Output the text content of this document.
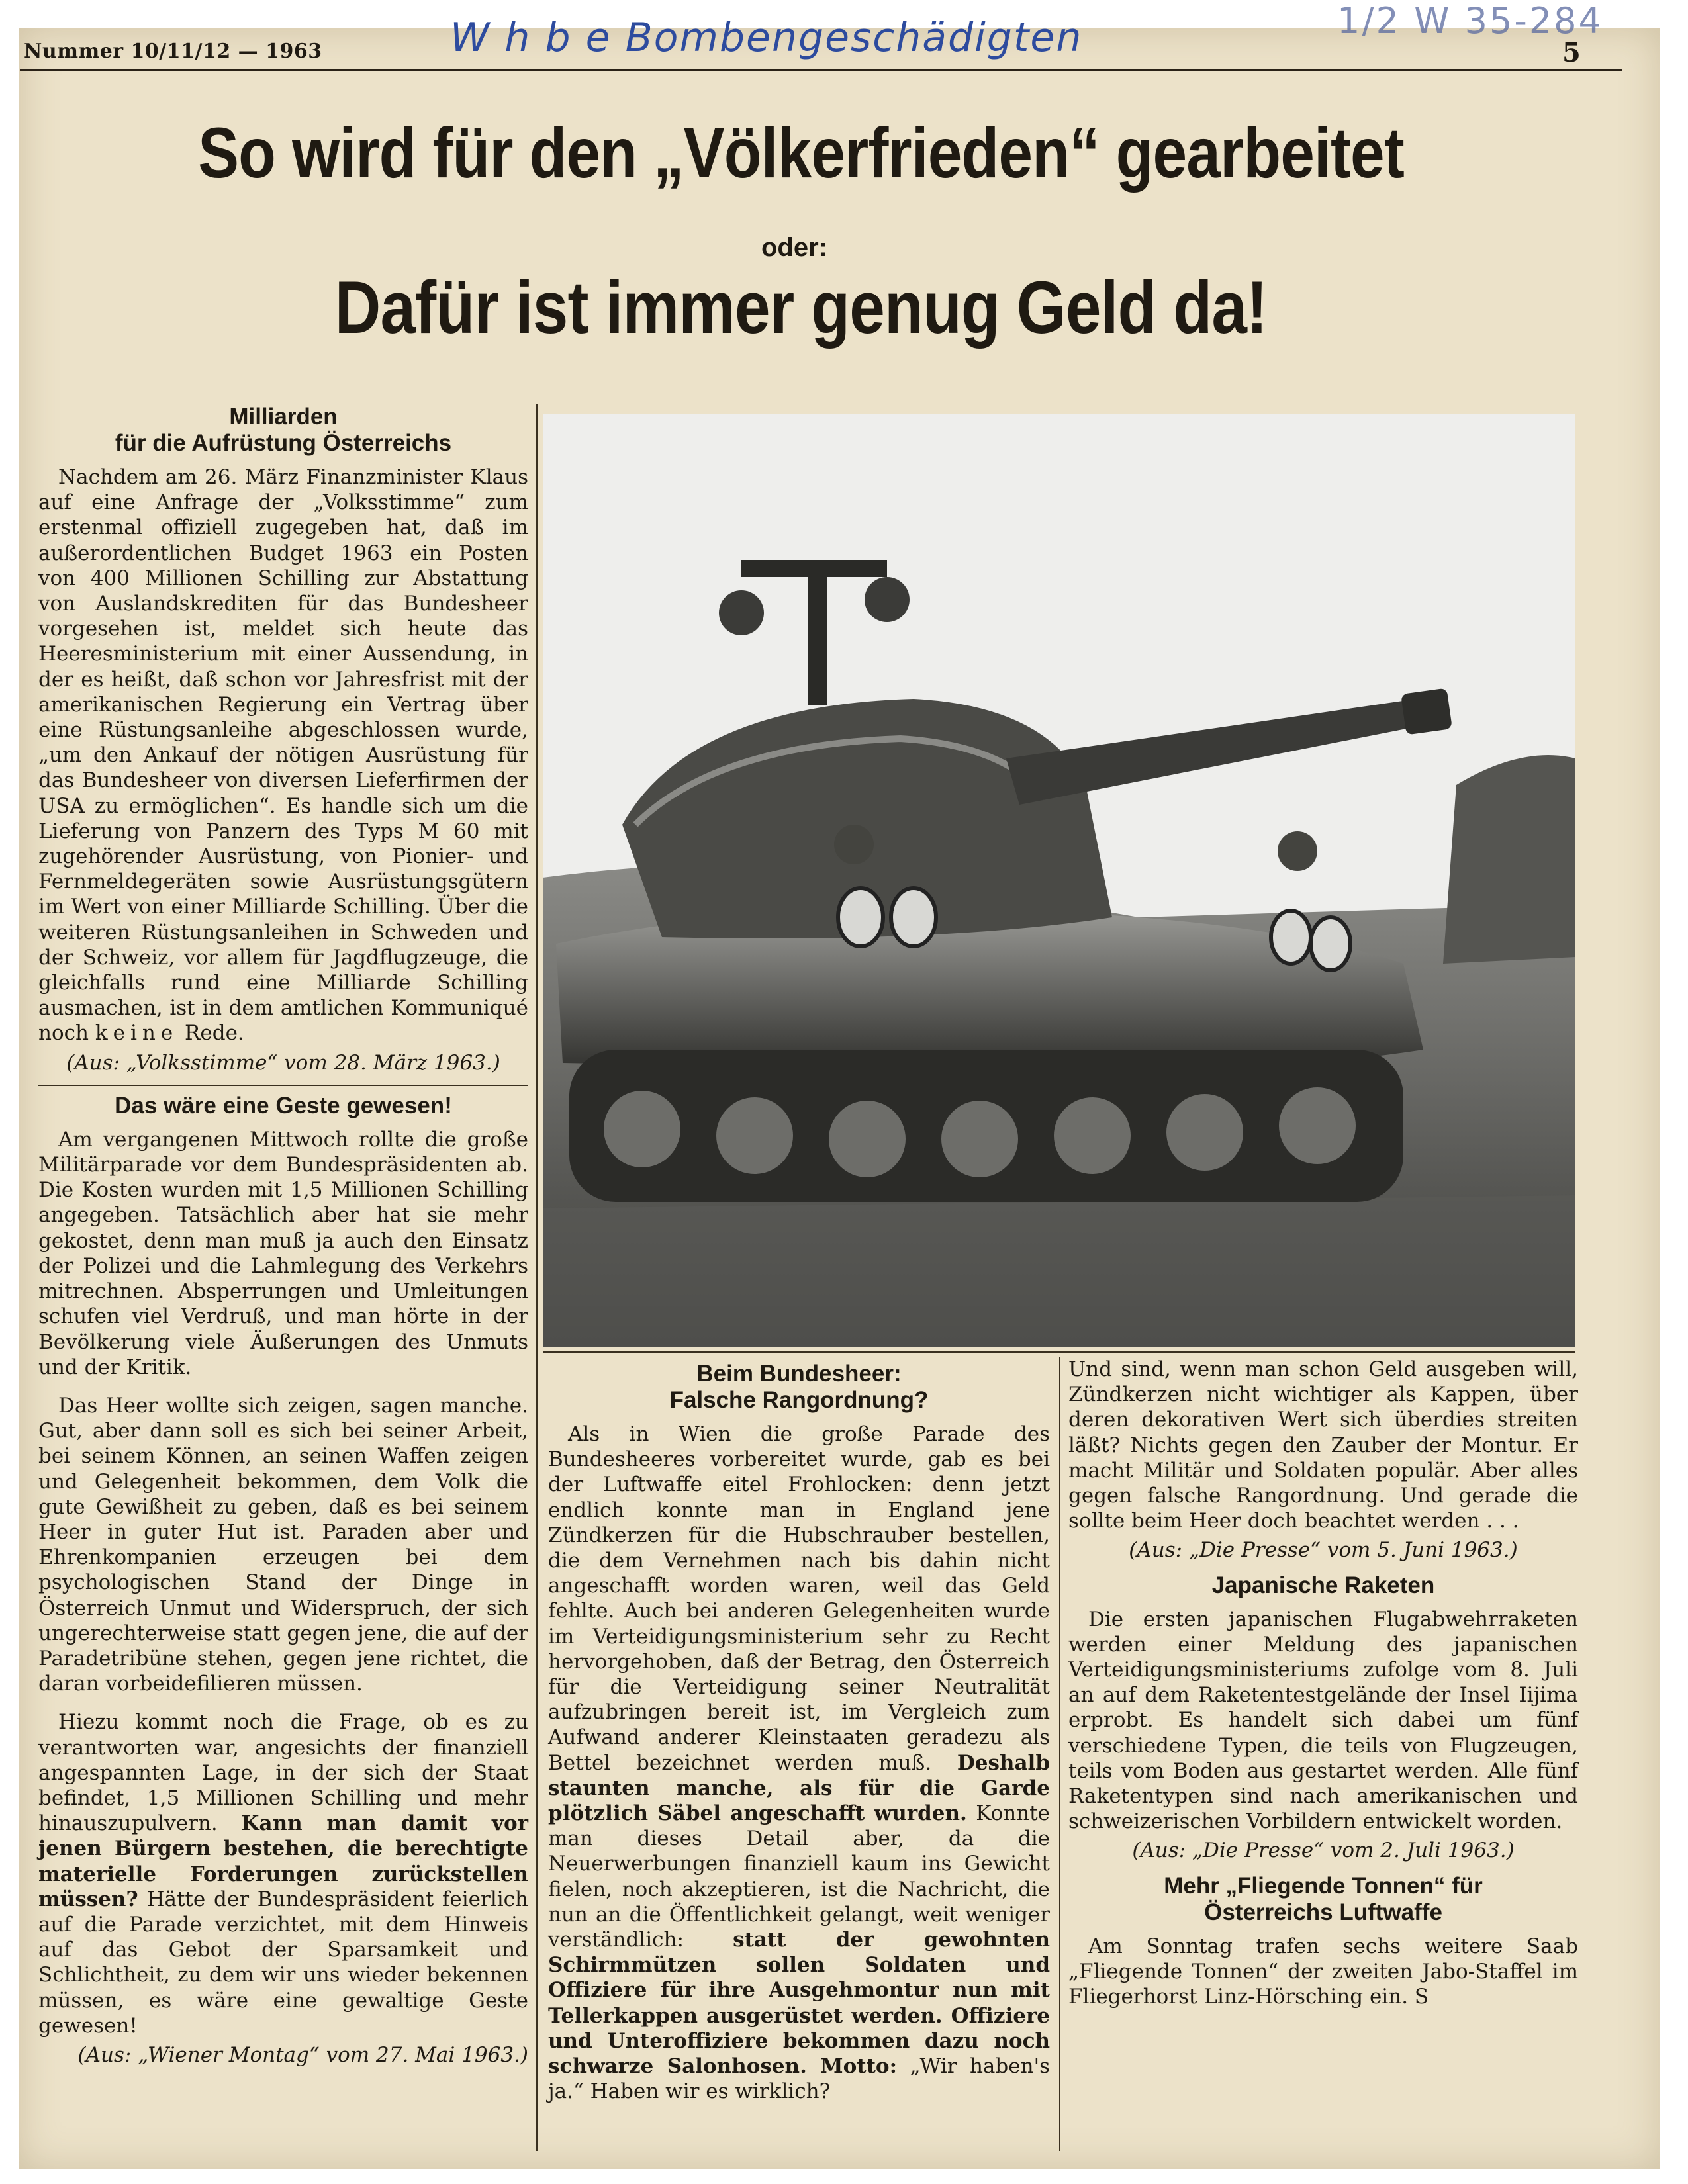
Nummer 10/11/12 — 1963	W h b e Bombengeschädigten	1/2 W 35-284
5
So wird für den „Völkerfrieden“ gearbeitet
oder:
Dafür ist immer genug Geld da!
Milliarden
für die Aufrüstung Österreichs

Nachdem am 26. März Finanzminister Klaus auf eine Anfrage der „Volksstimme“ zum erstenmal offiziell zugegeben hat, daß im außerordentlichen Budget 1963 ein Posten von 400 Millionen Schilling zur Abstattung von Auslandskrediten für das Bundesheer vorgesehen ist, meldet sich heute das Heeresministerium mit einer Aussendung, in der es heißt, daß schon vor Jahresfrist mit der amerikanischen Regierung ein Vertrag über eine Rüstungsanleihe abgeschlossen wurde, „um den Ankauf der nötigen Ausrüstung für das Bundesheer von diversen Lieferfirmen der USA zu ermöglichen“. Es handle sich um die Lieferung von Panzern des Typs M 60 mit zugehörender Ausrüstung, von Pionier- und Fernmeldegeräten sowie Ausrüstungsgütern im Wert von einer Milliarde Schilling. Über die weiteren Rüstungsanleihen in Schweden und der Schweiz, vor allem für Jagdflugzeuge, die gleichfalls rund eine Milliarde Schilling ausmachen, ist in dem amtlichen Kommuniqué noch keine Rede.

(Aus: „Volksstimme“ vom 28. März 1963.)

Das wäre eine Geste gewesen!

Am vergangenen Mittwoch rollte die große Militärparade vor dem Bundespräsidenten ab. Die Kosten wurden mit 1,5 Millionen Schilling angegeben. Tatsächlich aber hat sie mehr gekostet, denn man muß ja auch den Einsatz der Polizei und die Lahmlegung des Verkehrs mitrechnen. Absperrungen und Umleitungen schufen viel Verdruß, und man hörte in der Bevölkerung viele Äußerungen des Unmuts und der Kritik.

Das Heer wollte sich zeigen, sagen manche. Gut, aber dann soll es sich bei seiner Arbeit, bei seinem Können, an seinen Waffen zeigen und Gelegenheit bekommen, dem Volk die gute Gewißheit zu geben, daß es bei seinem Heer in guter Hut ist. Paraden aber und Ehrenkompanien erzeugen bei dem psychologischen Stand der Dinge in Österreich Unmut und Widerspruch, der sich ungerechterweise statt gegen jene, die auf der Paradetribüne stehen, gegen jene richtet, die daran vorbeidefilieren müssen.

Hiezu kommt noch die Frage, ob es zu verantworten war, angesichts der finanziell angespannten Lage, in der sich der Staat befindet, 1,5 Millionen Schilling und mehr hinauszupulvern. Kann man damit vor jenen Bürgern bestehen, die berechtigte materielle Forderungen zurückstellen müssen? Hätte der Bundespräsident feierlich auf die Parade verzichtet, mit dem Hinweis auf das Gebot der Sparsamkeit und Schlichtheit, zu dem wir uns wieder bekennen müssen, es wäre eine gewaltige Geste gewesen!

(Aus: „Wiener Montag“ vom 27. Mai 1963.)

Beim Bundesheer:
Falsche Rangordnung?

Als in Wien die große Parade des Bundesheeres vorbereitet wurde, gab es bei der Luftwaffe eitel Frohlocken: denn jetzt endlich konnte man in England jene Zündkerzen für die Hubschrauber bestellen, die dem Vernehmen nach bis dahin nicht angeschafft worden waren, weil das Geld fehlte. Auch bei anderen Gelegenheiten wurde im Verteidigungsministerium sehr zu Recht hervorgehoben, daß der Betrag, den Österreich für die Verteidigung seiner Neutralität aufzubringen bereit ist, im Vergleich zum Aufwand anderer Kleinstaaten geradezu als Bettel bezeichnet werden muß. Deshalb staunten manche, als für die Garde plötzlich Säbel angeschafft wurden. Konnte man dieses Detail aber, da die Neuerwerbungen finanziell kaum ins Gewicht fielen, noch akzeptieren, ist die Nachricht, die nun an die Öffentlichkeit gelangt, weit weniger verständlich: statt der gewohnten Schirmmützen sollen Soldaten und Offiziere für ihre Ausgehmontur nun mit Tellerkappen ausgerüstet werden. Offiziere und Unteroffiziere bekommen dazu noch schwarze Salonhosen. Motto: „Wir haben's ja.“ Haben wir es wirklich?

Und sind, wenn man schon Geld ausgeben will, Zündkerzen nicht wichtiger als Kappen, über deren dekorativen Wert sich überdies streiten läßt? Nichts gegen den Zauber der Montur. Er macht Militär und Soldaten populär. Aber alles gegen falsche Rangordnung. Und gerade die sollte beim Heer doch beachtet werden . . .

(Aus: „Die Presse“ vom 5. Juni 1963.)

Japanische Raketen

Die ersten japanischen Flugabwehrraketen werden einer Meldung des japanischen Verteidigungsministeriums zufolge vom 8. Juli an auf dem Raketentestgelände der Insel Iijima erprobt. Es handelt sich dabei um fünf verschiedene Typen, die teils von Flugzeugen, teils vom Boden aus gestartet werden. Alle fünf Raketentypen sind nach amerikanischen und schweizerischen Vorbildern entwickelt worden.

(Aus: „Die Presse“ vom 2. Juli 1963.)

Mehr „Fliegende Tonnen“ für
Österreichs Luftwaffe

Am Sonntag trafen sechs weitere Saab „Fliegende Tonnen“ der zweiten Jabo-Staffel im Fliegerhorst Linz-Hörsching ein. S
